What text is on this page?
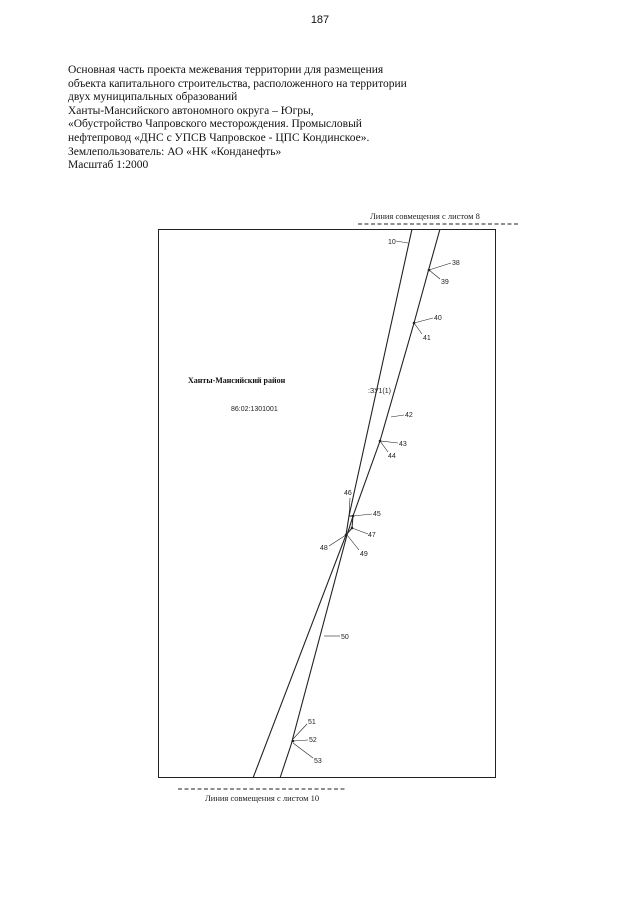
187
Основная часть проекта межевания территории для размещения
объекта капитального строительства, расположенного на территории
двух муниципальных образований
Ханты-Мансийского автономного округа – Югры,
«Обустройство Чапровского месторождения. Промысловый
нефтепровод «ДНС с УПСВ Чапровское - ЦПС Кондинское».
Землепользователь: АО «НК «Конданефть»
Масштаб 1:2000
Линия совмещения с листом 8
Линия совмещения с листом 10
Ханты-Мансийский район
86:02:1301001
:ЗУ1(1)
10
38
39
40
41
42
43
44
45
46
47
48
49
50
51
52
53
